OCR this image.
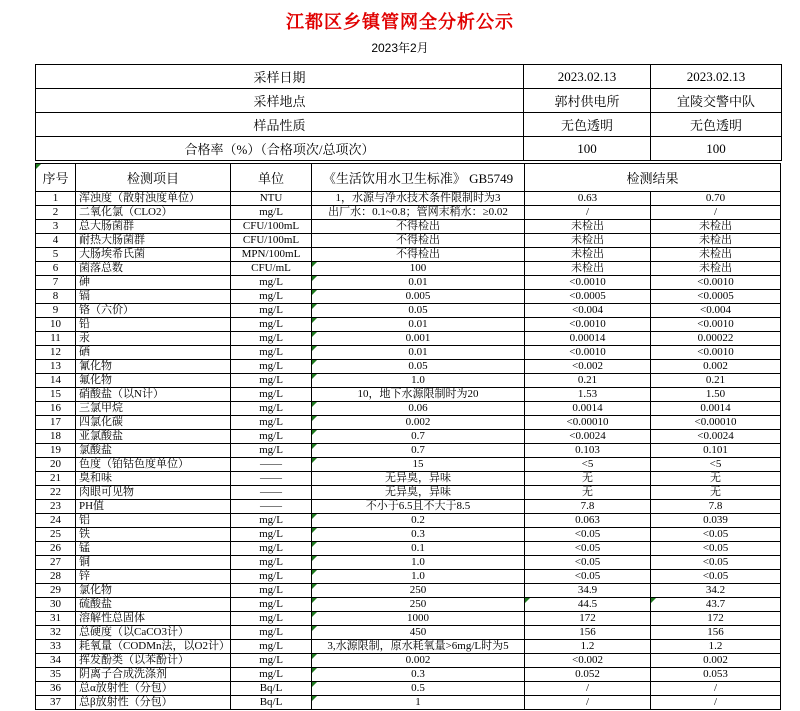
江都区乡镇管网全分析公示
2023年2月
采样日期	2023.02.13	2023.02.13
采样地点	郭村供电所	宜陵交警中队
样品性质	无色透明	无色透明
合格率（%）（合格项次/总项次）	100	100
序号	检测项目	单位	《生活饮用水卫生标准》 GB5749	检测结果	
1	浑浊度（散射浊度单位）	NTU	1，水源与净水技术条件限制时为3	0.63	0.70
2	二氧化氯（CLO2）	mg/L	出厂水：0.1~0.8；管网末稍水：≥0.02	/	/
3	总大肠菌群	CFU/100mL	不得检出	未检出	未检出
4	耐热大肠菌群	CFU/100mL	不得检出	未检出	未检出
5	大肠埃希氏菌	MPN/100mL	不得检出	未检出	未检出
6	菌落总数	CFU/mL	100	未检出	未检出
7	砷	mg/L	0.01	<0.0010	<0.0010
8	镉	mg/L	0.005	<0.0005	<0.0005
9	铬（六价）	mg/L	0.05	<0.004	<0.004
10	铅	mg/L	0.01	<0.0010	<0.0010
11	汞	mg/L	0.001	0.00014	0.00022
12	硒	mg/L	0.01	<0.0010	<0.0010
13	氰化物	mg/L	0.05	<0.002	0.002
14	氟化物	mg/L	1.0	0.21	0.21
15	硝酸盐（以N计）	mg/L	10，地下水源限制时为20	1.53	1.50
16	三氯甲烷	mg/L	0.06	0.0014	0.0014
17	四氯化碳	mg/L	0.002	<0.00010	<0.00010
18	亚氯酸盐	mg/L	0.7	<0.0024	<0.0024
19	氯酸盐	mg/L	0.7	0.103	0.101
20	色度（铂钴色度单位）	——	15	<5	<5
21	臭和味	——	无异臭，异味	无	无
22	肉眼可见物	——	无异臭，异味	无	无
23	PH值	——	不小于6.5且不大于8.5	7.8	7.8
24	铝	mg/L	0.2	0.063	0.039
25	铁	mg/L	0.3	<0.05	<0.05
26	锰	mg/L	0.1	<0.05	<0.05
27	铜	mg/L	1.0	<0.05	<0.05
28	锌	mg/L	1.0	<0.05	<0.05
29	氯化物	mg/L	250	34.9	34.2
30	硫酸盐	mg/L	250	44.5	43.7
31	溶解性总固体	mg/L	1000	172	172
32	总硬度（以CaCO3计）	mg/L	450	156	156
33	耗氧量（CODMn法，以O2计）	mg/L	3,水源限制，原水耗氧量>6mg/L时为5	1.2	1.2
34	挥发酚类（以苯酚计）	mg/L	0.002	<0.002	0.002
35	阴离子合成洗涤剂	mg/L	0.3	0.052	0.053
36	总α放射性（分包）	Bq/L	0.5	/	/
37	总β放射性（分包）	Bq/L	1	/	/
